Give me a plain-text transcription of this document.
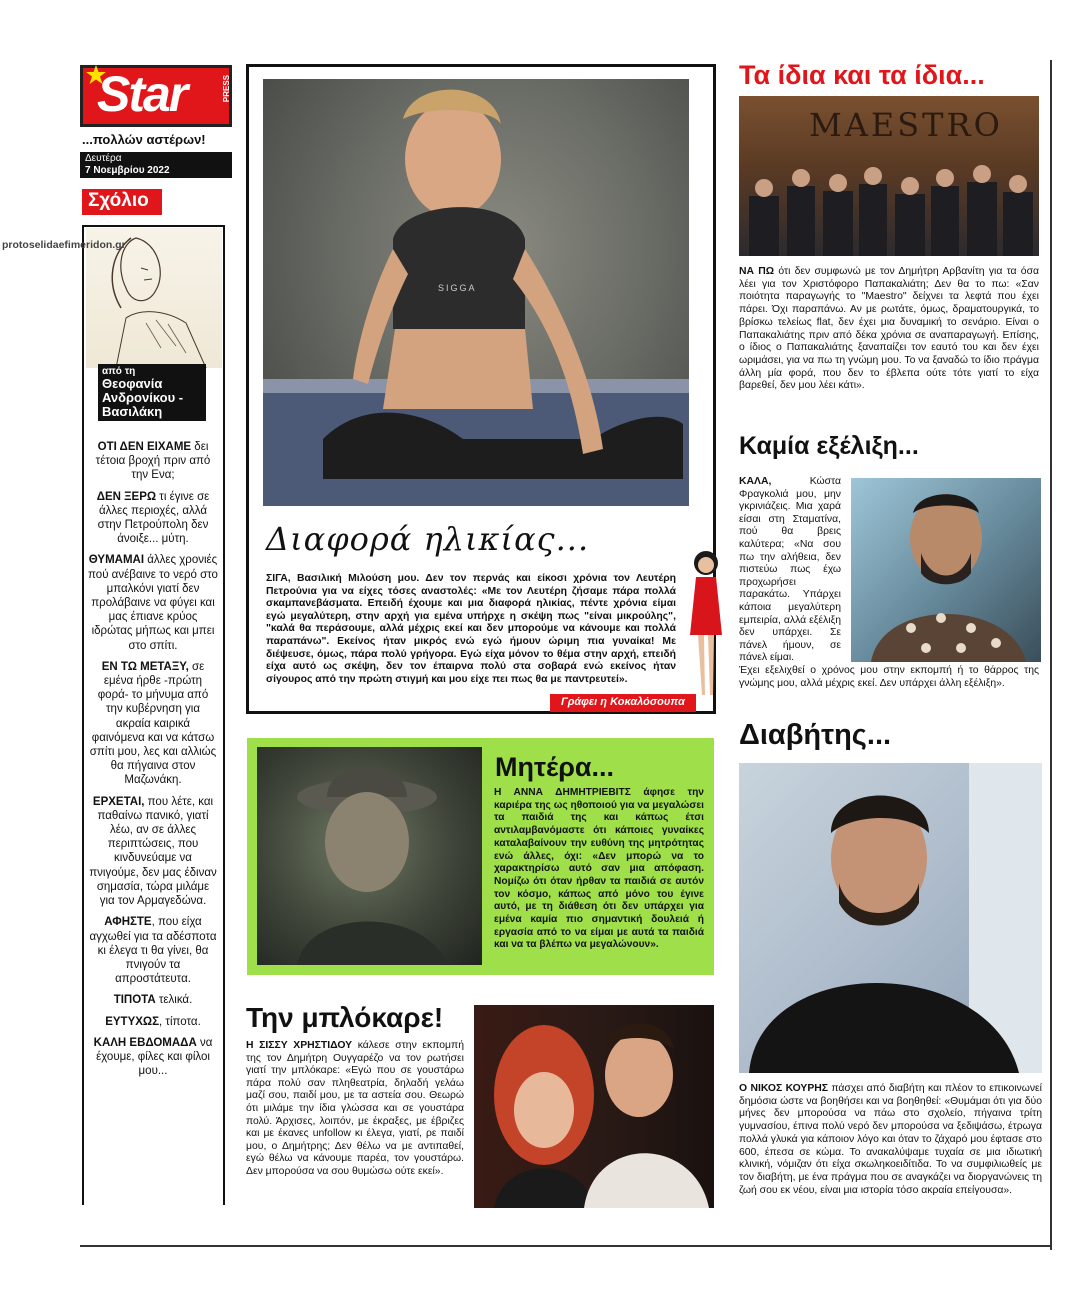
Star	PRESS
...πολλών αστέρων!
Δευτέρα
7 Νοεμβρίου 2022
Σχόλιο
από τη
Θεοφανία Ανδρονίκου - Βασιλάκη

ΟΤΙ ΔΕΝ ΕΙΧΑΜΕ δει τέτοια βροχή πριν από την Ενα;

ΔΕΝ ΞΕΡΩ τι έγινε σε άλλες περιοχές, αλλά στην Πετρούπολη δεν άνοιξε... μύτη.

ΘΥΜΑΜΑΙ άλλες χρονιές πού ανέβαινε το νερό στο μπαλκόνι γιατί δεν προλάβαινε να φύγει και μας έπιανε κρύος ιδρώτας μήπως και μπει στο σπίτι.

ΕΝ ΤΩ ΜΕΤΑΞΥ, σε εμένα ήρθε -πρώτη φορά- το μήνυμα από την κυβέρνηση για ακραία καιρικά φαινόμενα και να κάτσω σπίτι μου, λες και αλλιώς θα πήγαινα στον Μαζωνάκη.

ΕΡΧΕΤΑΙ, που λέτε, και παθαίνω πανικό, γιατί λέω, αν σε άλλες περιπτώσεις, που κινδυνεύαμε να πνιγούμε, δεν μας έδιναν σημασία, τώρα μιλάμε για τον Αρμαγεδώνα.

ΑΦΗΣΤΕ, που είχα αγχωθεί για τα αδέσποτα κι έλεγα τι θα γίνει, θα πνιγούν τα απροστάτευτα.

ΤΙΠΟΤΑ τελικά.

ΕΥΤΥΧΩΣ, τίποτα.

ΚΑΛΗ ΕΒΔΟΜΑΔΑ να έχουμε, φίλες και φίλοι μου...

protoselidaefimeridon.gr
SIGGA
Διαφορά ηλικίας...
ΣΙΓΑ, Βασιλική Μιλούση μου. Δεν τον περνάς και είκοσι χρόνια τον Λευτέρη Πετρούνια για να είχες τόσες αναστολές: «Με τον Λευτέρη ζήσαμε πάρα πολλά σκαμπανεβάσματα. Επειδή έχουμε και μια διαφορά ηλικίας, πέντε χρόνια είμαι εγώ μεγαλύτερη, στην αρχή για εμένα υπήρχε η σκέψη πως "είναι μικρούλης", "καλά θα περάσουμε, αλλά μέχρις εκεί και δεν μπορούμε να κάνουμε και πολλά παραπάνω". Εκείνος ήταν μικρός ενώ εγώ ήμουν ώριμη πια γυναίκα! Με διέψευσε, όμως, πάρα πολύ γρήγορα. Εγώ είχα μόνον το θέμα στην αρχή, επειδή είχα αυτό ως σκέψη, δεν τον έπαιρνα πολύ στα σοβαρά ενώ εκείνος ήταν σίγουρος από την πρώτη στιγμή και μου είχε πει πως θα με παντρευτεί».
Γράφει η Κοκαλόσουπα
Μητέρα...
Η ΑΝΝΑ ΔΗΜΗΤΡΙΕΒΙΤΣ άφησε την καριέρα της ως ηθοποιού για να μεγαλώσει τα παιδιά της και κάπως έτσι αντιλαμβανόμαστε ότι κάποιες γυναίκες καταλαβαίνουν την ευθύνη της μητρότητας ενώ άλλες, όχι: «Δεν μπορώ να το χαρακτηρίσω αυτό σαν μια απόφαση. Νομίζω ότι όταν ήρθαν τα παιδιά σε αυτόν τον κόσμο, κάπως από μόνο του έγινε αυτό, με τη διάθεση ότι δεν υπάρχει για εμένα καμία πιο σημαντική δουλειά ή εργασία από το να είμαι με αυτά τα παιδιά και να τα βλέπω να μεγαλώνουν».
Την μπλόκαρε!
Η ΣΙΣΣΥ ΧΡΗΣΤΙΔΟΥ κάλεσε στην εκπομπή της τον Δημήτρη Ουγγαρέζο να τον ρωτήσει γιατί την μπλόκαρε: «Εγώ που σε γουστάρω πάρα πολύ σαν πληθεατρία, δηλαδή γελάω μαζί σου, παιδί μου, με τα αστεία σου. Θεωρώ ότι μιλάμε την ίδια γλώσσα και σε γουστάρα πολύ. Άρχισες, λοιπόν, με έκραξες, με έβριζες και με έκανες unfollow κι έλεγα, γιατί, ρε παιδί μου, ο Δημήτρης; Δεν θέλω να με αντιπαθεί, εγώ θέλω να κάνουμε παρέα, τον γουστάρω. Δεν μπορούσα να σου θυμώσω ούτε εκεί».
Τα ίδια και τα ίδια...
MAESTRO
ΝΑ ΠΩ ότι δεν συμφωνώ με τον Δημήτρη Αρβανίτη για τα όσα λέει για τον Χριστόφορο Παπακαλιάτη; Δεν θα το πω: «Σαν ποιότητα παραγωγής το "Maestro" δείχνει τα λεφτά που έχει πάρει. Όχι παραπάνω. Αν με ρωτάτε, όμως, δραματουργικά, το βρίσκω τελείως flat, δεν έχει μια δυναμική το σενάριο. Είναι ο Παπακαλιάτης πριν από δέκα χρόνια σε αναπαραγωγή. Επίσης, ο ίδιος ο Παπακαλιάτης ξαναπαίζει τον εαυτό του και δεν έχει ωριμάσει, για να πω τη γνώμη μου. Το να ξαναδώ το ίδιο πράγμα άλλη μία φορά, που δεν το έβλεπα ούτε τότε γιατί το είχα βαρεθεί, δεν μου λέει κάτι».
Καμία εξέλιξη...
ΚΑΛΑ, Κώστα Φραγκολιά μου, μην γκρινιάζεις. Μια χαρά είσαι στη Σταματίνα, πού θα βρεις καλύτερα; «Να σου πω την αλήθεια, δεν πιστεύω πως έχω προχωρήσει παρακάτω. Υπάρχει κάποια μεγαλύτερη εμπειρία, αλλά εξέλιξη δεν υπάρχει. Σε πάνελ ήμουν, σε πάνελ είμαι.
Έχει εξελιχθεί ο χρόνος μου στην εκπομπή ή το θάρρος της γνώμης μου, αλλά μέχρις εκεί. Δεν υπάρχει άλλη εξέλιξη».
Διαβήτης...
Ο ΝΙΚΟΣ ΚΟΥΡΗΣ πάσχει από διαβήτη και πλέον το επικοινωνεί δημόσια ώστε να βοηθήσει και να βοηθηθεί: «Θυμάμαι ότι για δύο μήνες δεν μπορούσα να πάω στο σχολείο, πήγαινα τρίτη γυμνασίου, έπινα πολύ νερό δεν μπορούσα να ξεδιψάσω, έτρωγα πολλά γλυκά για κάποιον λόγο και όταν το ζάχαρό μου έφτασε στο 600, έπεσα σε κώμα. Το ανακαλύψαμε τυχαία σε μια ιδιωτική κλινική, νόμιζαν ότι είχα σκωληκοειδίτιδα. Το να συμφιλιωθείς με τον διαβήτη, με ένα πράγμα που σε αναγκάζει να διοργανώνεις τη ζωή σου εκ νέου, είναι μια ιστορία τόσο ακραία επείγουσα».
